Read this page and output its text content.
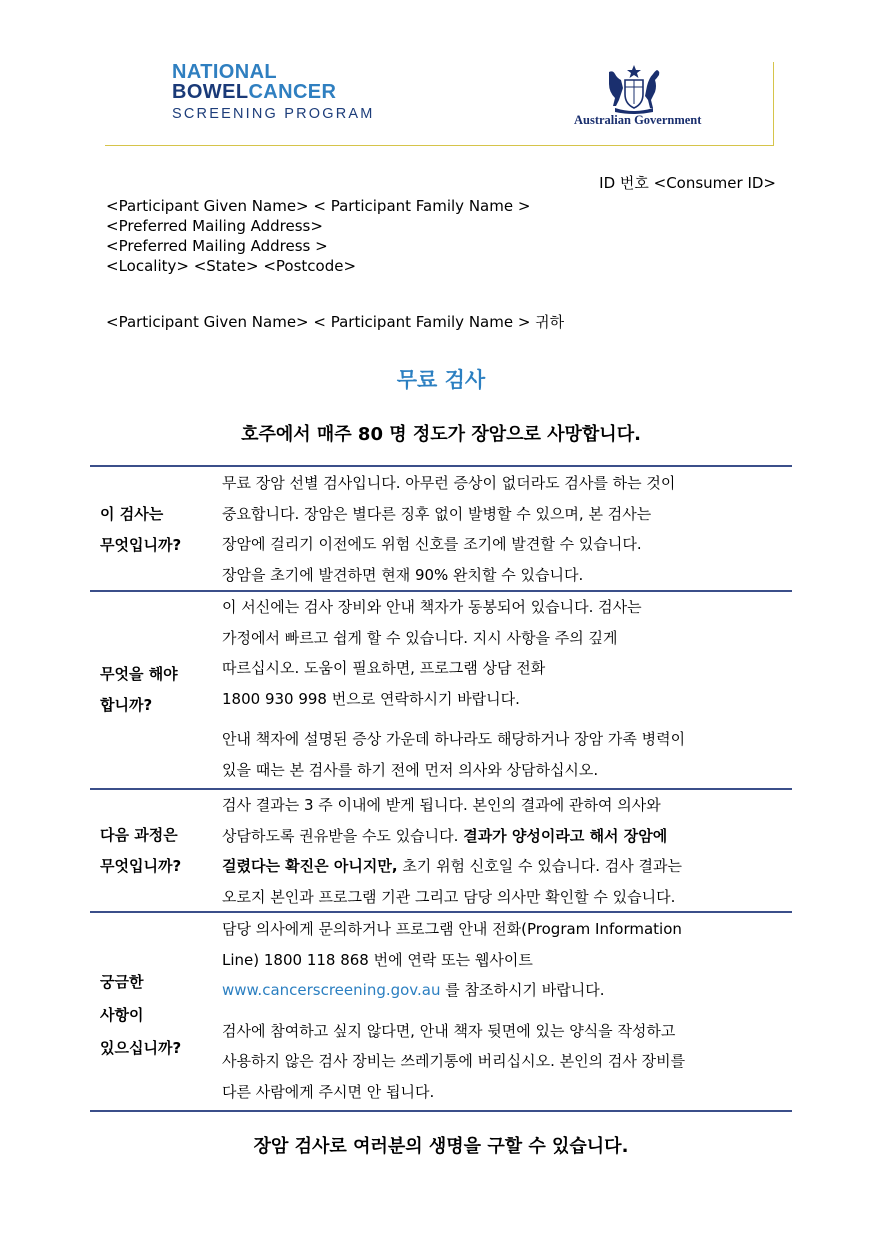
NATIONAL
BOWELCANCER
SCREENING PROGRAM	Australian Government
ID 번호 <Consumer ID>
<Participant Given Name> < Participant Family Name >
<Preferred Mailing Address>
<Preferred Mailing Address >
<Locality> <State> <Postcode>
<Participant Given Name> < Participant Family Name > 귀하
무료 검사
호주에서 매주 80 명 정도가 장암으로 사망합니다.
이 검사는
무엇입니까?

무료 장암 선별 검사입니다. 아무런 증상이 없더라도 검사를 하는 것이

중요합니다. 장암은 별다른 징후 없이 발병할 수 있으며, 본 검사는

장암에 걸리기 이전에도 위험 신호를 조기에 발견할 수 있습니다.

장암을 초기에 발견하면 현재 90% 완치할 수 있습니다.

무엇을 해야
합니까?

이 서신에는 검사 장비와 안내 책자가 동봉되어 있습니다. 검사는

가정에서 빠르고 쉽게 할 수 있습니다. 지시 사항을 주의 깊게

따르십시오. 도움이 필요하면, 프로그램 상담 전화

1800 930 998 번으로 연락하시기 바랍니다.

안내 책자에 설명된 증상 가운데 하나라도 해당하거나 장암 가족 병력이

있을 때는 본 검사를 하기 전에 먼저 의사와 상담하십시오.

다음 과정은
무엇입니까?

검사 결과는 3 주 이내에 받게 됩니다. 본인의 결과에 관하여 의사와

상담하도록 권유받을 수도 있습니다. 결과가 양성이라고 해서 장암에

걸렸다는 확진은 아니지만, 초기 위험 신호일 수 있습니다. 검사 결과는

오로지 본인과 프로그램 기관 그리고 담당 의사만 확인할 수 있습니다.

궁금한
사항이
있으십니까?

담당 의사에게 문의하거나 프로그램 안내 전화(Program Information

Line) 1800 118 868 번에 연락 또는 웹사이트

www.cancerscreening.gov.au 를 참조하시기 바랍니다.

검사에 참여하고 싶지 않다면, 안내 책자 뒷면에 있는 양식을 작성하고

사용하지 않은 검사 장비는 쓰레기통에 버리십시오. 본인의 검사 장비를

다른 사람에게 주시면 안 됩니다.

장암 검사로 여러분의 생명을 구할 수 있습니다.
